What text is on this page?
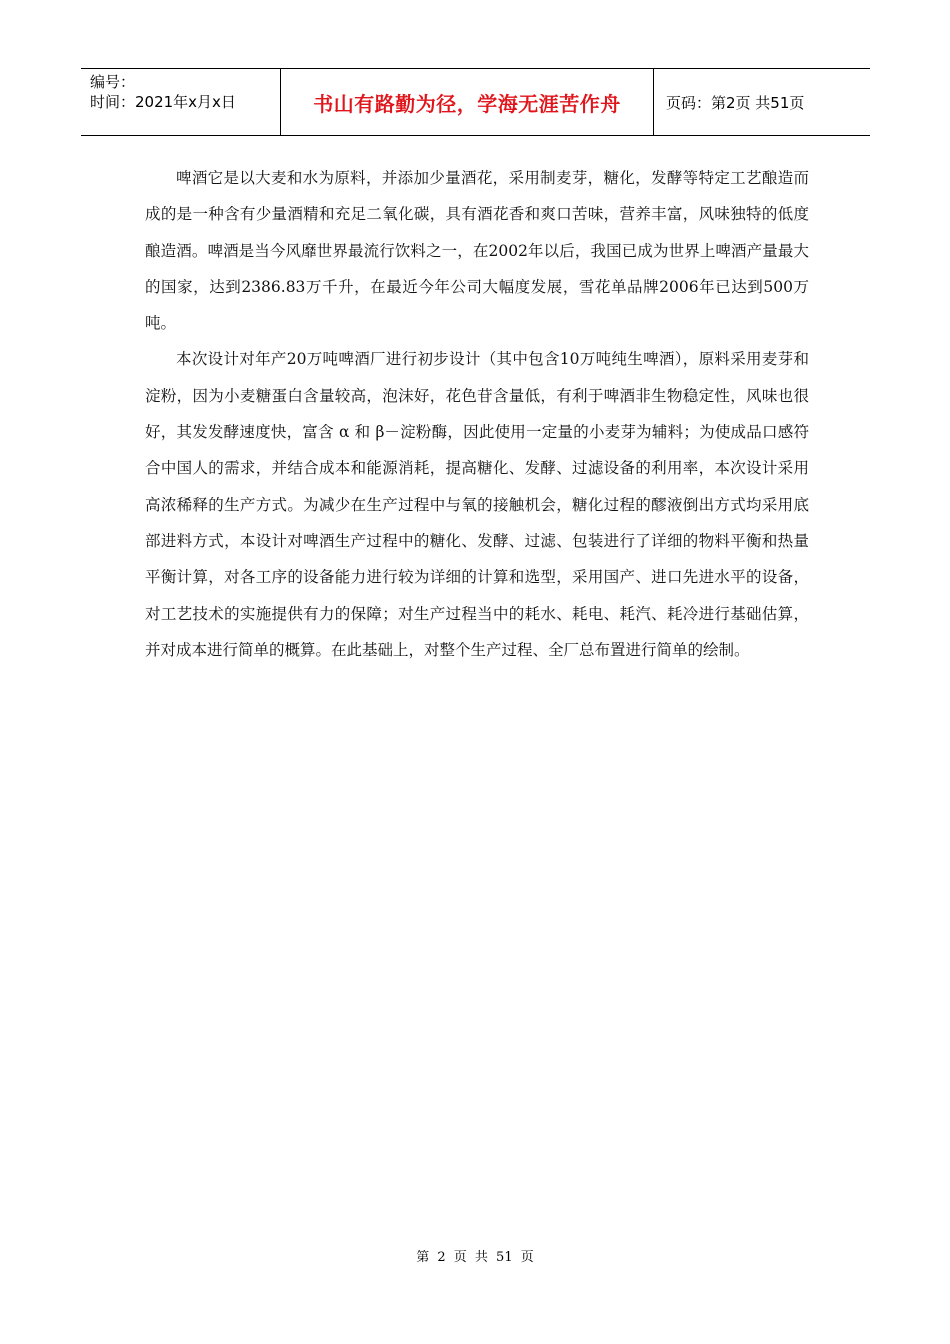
编号：
时间：2021年x月x日	书山有路勤为径，学海无涯苦作舟	页码：第2页 共51页

啤酒它是以大麦和水为原料，并添加少量酒花，采用制麦芽，糖化，发酵等特定工艺酿造而成的是一种含有少量酒精和充足二氧化碳，具有酒花香和爽口苦味，营养丰富，风味独特的低度酿造酒。啤酒是当今风靡世界最流行饮料之一，在2002年以后，我国已成为世界上啤酒产量最大的国家，达到2386.83万千升，在最近今年公司大幅度发展，雪花单品牌2006年已达到500万吨。

本次设计对年产20万吨啤酒厂进行初步设计（其中包含10万吨纯生啤酒），原料采用麦芽和淀粉，因为小麦糖蛋白含量较高，泡沫好，花色苷含量低，有利于啤酒非生物稳定性，风味也很好，其发发酵速度快，富含 α 和 β－淀粉酶，因此使用一定量的小麦芽为辅料；为使成品口感符合中国人的需求，并结合成本和能源消耗，提高糖化、发酵、过滤设备的利用率，本次设计采用高浓稀释的生产方式。为减少在生产过程中与氧的接触机会，糖化过程的醪液倒出方式均采用底部进料方式，本设计对啤酒生产过程中的糖化、发酵、过滤、包装进行了详细的物料平衡和热量平衡计算，对各工序的设备能力进行较为详细的计算和选型，采用国产、进口先进水平的设备，对工艺技术的实施提供有力的保障；对生产过程当中的耗水、耗电、耗汽、耗冷进行基础估算，并对成本进行简单的概算。在此基础上，对整个生产过程、全厂总布置进行简单的绘制。

第 2 页 共 51 页
